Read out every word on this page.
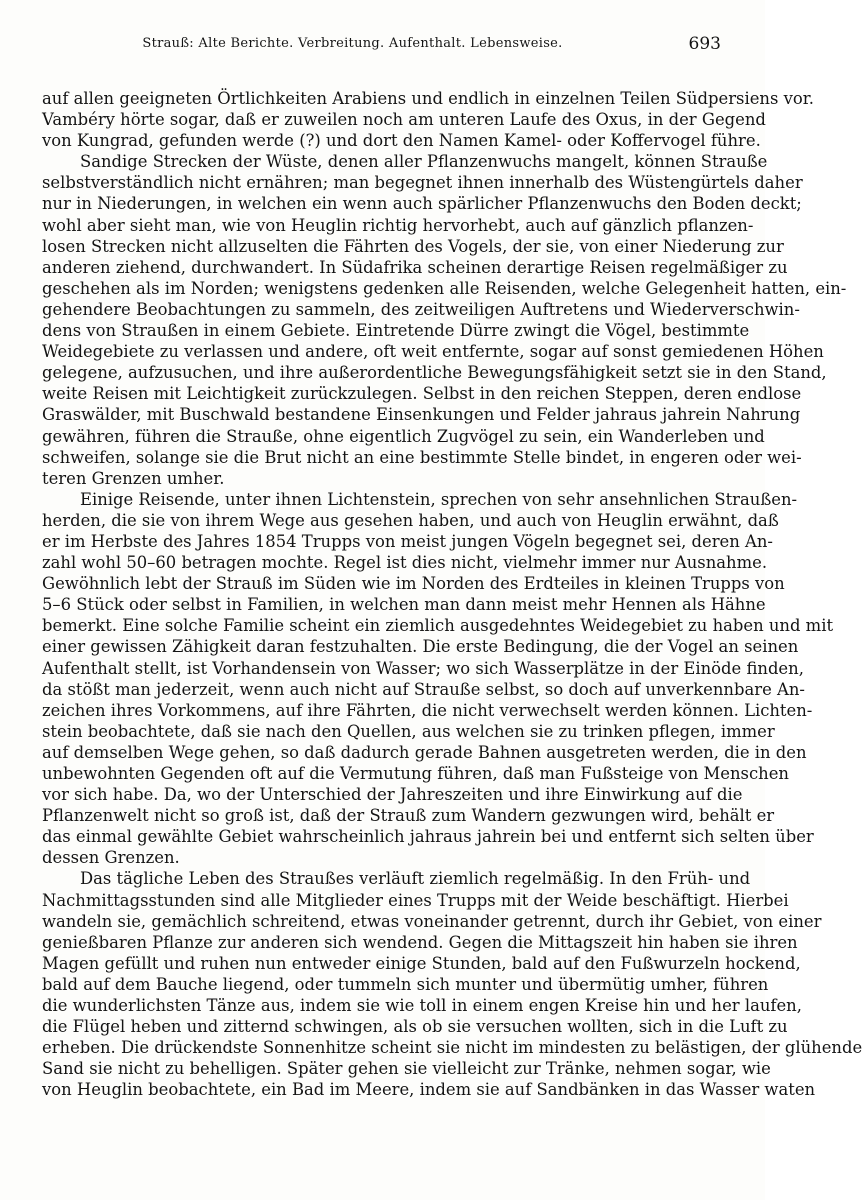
Strauß: Alte Berichte. Verbreitung. Aufenthalt. Lebensweise.	693

auf allen geeigneten Örtlichkeiten Arabiens und endlich in einzelnen Teilen Südpersiens vor.
Vambéry hörte sogar, daß er zuweilen noch am unteren Laufe des Oxus, in der Gegend
von Kungrad, gefunden werde (?) und dort den Namen Kamel- oder Koffervogel führe.

Sandige Strecken der Wüste, denen aller Pflanzenwuchs mangelt, können Strauße
selbstverständlich nicht ernähren; man begegnet ihnen innerhalb des Wüstengürtels daher
nur in Niederungen, in welchen ein wenn auch spärlicher Pflanzenwuchs den Boden deckt;
wohl aber sieht man, wie von Heuglin richtig hervorhebt, auch auf gänzlich pflanzen-
losen Strecken nicht allzuselten die Fährten des Vogels, der sie, von einer Niederung zur
anderen ziehend, durchwandert. In Südafrika scheinen derartige Reisen regelmäßiger zu
geschehen als im Norden; wenigstens gedenken alle Reisenden, welche Gelegenheit hatten, ein-
gehendere Beobachtungen zu sammeln, des zeitweiligen Auftretens und Wiederverschwin-
dens von Straußen in einem Gebiete. Eintretende Dürre zwingt die Vögel, bestimmte
Weidegebiete zu verlassen und andere, oft weit entfernte, sogar auf sonst gemiedenen Höhen
gelegene, aufzusuchen, und ihre außerordentliche Bewegungsfähigkeit setzt sie in den Stand,
weite Reisen mit Leichtigkeit zurückzulegen. Selbst in den reichen Steppen, deren endlose
Graswälder, mit Buschwald bestandene Einsenkungen und Felder jahraus jahrein Nahrung
gewähren, führen die Strauße, ohne eigentlich Zugvögel zu sein, ein Wanderleben und
schweifen, solange sie die Brut nicht an eine bestimmte Stelle bindet, in engeren oder wei-
teren Grenzen umher.

Einige Reisende, unter ihnen Lichtenstein, sprechen von sehr ansehnlichen Straußen-
herden, die sie von ihrem Wege aus gesehen haben, und auch von Heuglin erwähnt, daß
er im Herbste des Jahres 1854 Trupps von meist jungen Vögeln begegnet sei, deren An-
zahl wohl 50–60 betragen mochte. Regel ist dies nicht, vielmehr immer nur Ausnahme.
Gewöhnlich lebt der Strauß im Süden wie im Norden des Erdteiles in kleinen Trupps von
5–6 Stück oder selbst in Familien, in welchen man dann meist mehr Hennen als Hähne
bemerkt. Eine solche Familie scheint ein ziemlich ausgedehntes Weidegebiet zu haben und mit
einer gewissen Zähigkeit daran festzuhalten. Die erste Bedingung, die der Vogel an seinen
Aufenthalt stellt, ist Vorhandensein von Wasser; wo sich Wasserplätze in der Einöde finden,
da stößt man jederzeit, wenn auch nicht auf Strauße selbst, so doch auf unverkennbare An-
zeichen ihres Vorkommens, auf ihre Fährten, die nicht verwechselt werden können. Lichten-
stein beobachtete, daß sie nach den Quellen, aus welchen sie zu trinken pflegen, immer
auf demselben Wege gehen, so daß dadurch gerade Bahnen ausgetreten werden, die in den
unbewohnten Gegenden oft auf die Vermutung führen, daß man Fußsteige von Menschen
vor sich habe. Da, wo der Unterschied der Jahreszeiten und ihre Einwirkung auf die
Pflanzenwelt nicht so groß ist, daß der Strauß zum Wandern gezwungen wird, behält er
das einmal gewählte Gebiet wahrscheinlich jahraus jahrein bei und entfernt sich selten über
dessen Grenzen.

Das tägliche Leben des Straußes verläuft ziemlich regelmäßig. In den Früh- und
Nachmittagsstunden sind alle Mitglieder eines Trupps mit der Weide beschäftigt. Hierbei
wandeln sie, gemächlich schreitend, etwas voneinander getrennt, durch ihr Gebiet, von einer
genießbaren Pflanze zur anderen sich wendend. Gegen die Mittagszeit hin haben sie ihren
Magen gefüllt und ruhen nun entweder einige Stunden, bald auf den Fußwurzeln hockend,
bald auf dem Bauche liegend, oder tummeln sich munter und übermütig umher, führen
die wunderlichsten Tänze aus, indem sie wie toll in einem engen Kreise hin und her laufen,
die Flügel heben und zitternd schwingen, als ob sie versuchen wollten, sich in die Luft zu
erheben. Die drückendste Sonnenhitze scheint sie nicht im mindesten zu belästigen, der glühende
Sand sie nicht zu behelligen. Später gehen sie vielleicht zur Tränke, nehmen sogar, wie
von Heuglin beobachtete, ein Bad im Meere, indem sie auf Sandbänken in das Wasser waten
